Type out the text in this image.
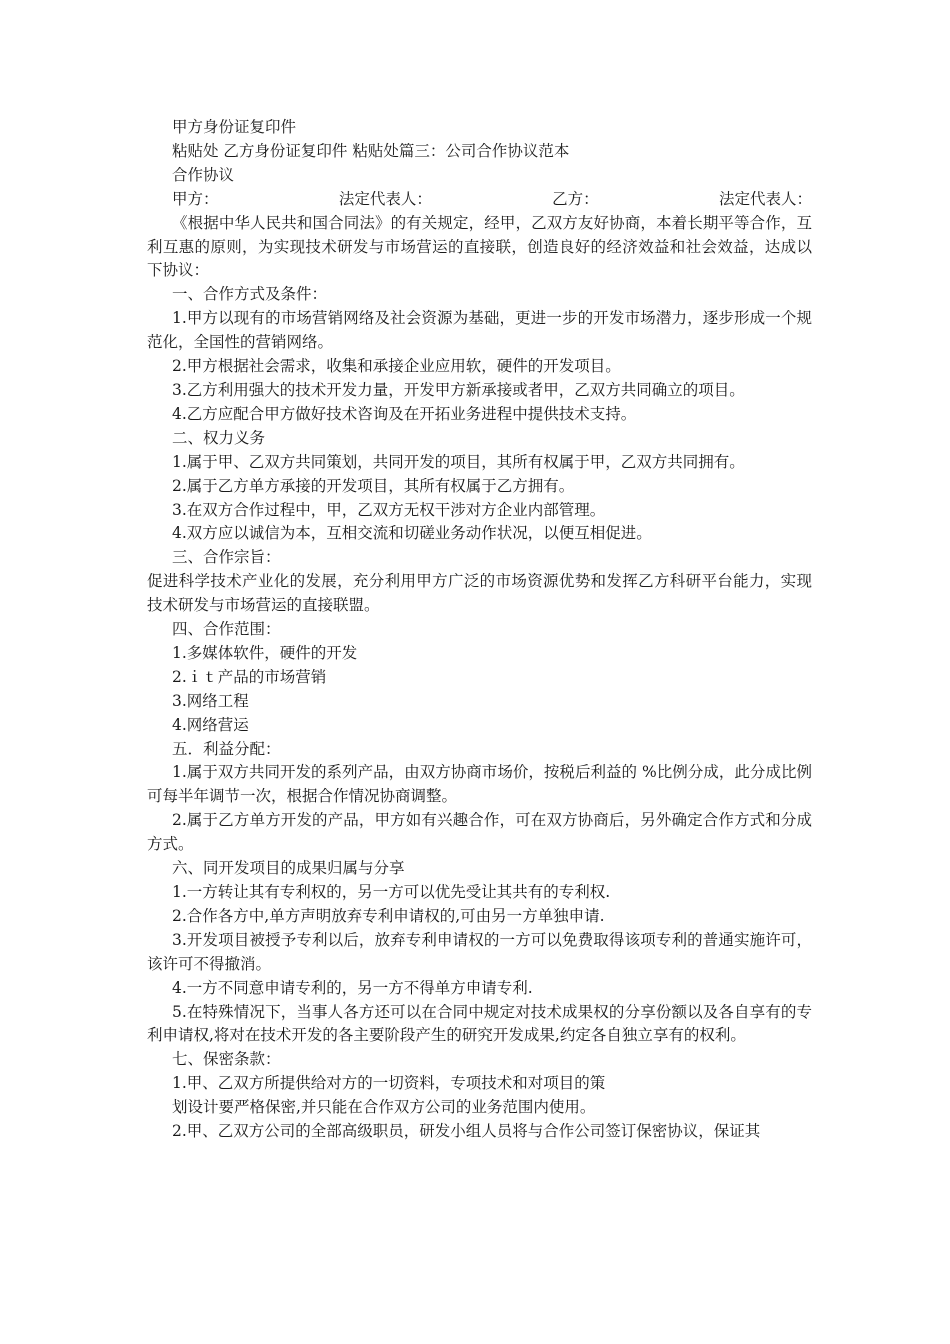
甲方身份证复印件

粘贴处 乙方身份证复印件 粘贴处篇三：公司合作协议范本

合作协议

甲方：	法定代表人：	乙方：	法定代表人：

《根据中华人民共和国合同法》的有关规定，经甲，乙双方友好协商，本着长期平等合作，互利互惠的原则，为实现技术研发与市场营运的直接联，创造良好的经济效益和社会效益，达成以下协议：

一、合作方式及条件：

1.甲方以现有的市场营销网络及社会资源为基础，更进一步的开发市场潜力，逐步形成一个规范化，全国性的营销网络。

2.甲方根据社会需求，收集和承接企业应用软，硬件的开发项目。

3.乙方利用强大的技术开发力量，开发甲方新承接或者甲，乙双方共同确立的项目。

4.乙方应配合甲方做好技术咨询及在开拓业务进程中提供技术支持。

二、权力义务

1.属于甲、乙双方共同策划，共同开发的项目，其所有权属于甲，乙双方共同拥有。

2.属于乙方单方承接的开发项目，其所有权属于乙方拥有。

3.在双方合作过程中，甲，乙双方无权干涉对方企业内部管理。

4.双方应以诚信为本，互相交流和切磋业务动作状况，以便互相促进。

三、合作宗旨：

促进科学技术产业化的发展，充分利用甲方广泛的市场资源优势和发挥乙方科研平台能力，实现技术研发与市场营运的直接联盟。

四、合作范围：

1.多媒体软件，硬件的开发

2.ｉｔ产品的市场营销

3.网络工程

4.网络营运

五．利益分配：

1.属于双方共同开发的系列产品，由双方协商市场价，按税后利益的 %比例分成，此分成比例可每半年调节一次，根据合作情况协商调整。

2.属于乙方单方开发的产品，甲方如有兴趣合作，可在双方协商后，另外确定合作方式和分成方式。

六、同开发项目的成果归属与分享

1.一方转让其有专利权的，另一方可以优先受让其共有的专利权.

2.合作各方中,单方声明放弃专利申请权的,可由另一方单独申请.

3.开发项目被授予专利以后，放弃专利申请权的一方可以免费取得该项专利的普通实施许可，该许可不得撤消。

4.一方不同意申请专利的，另一方不得单方申请专利.

5.在特殊情况下，当事人各方还可以在合同中规定对技术成果权的分享份额以及各自享有的专利申请权,将对在技术开发的各主要阶段产生的研究开发成果,约定各自独立享有的权利。

七、保密条款：

1.甲、乙双方所提供给对方的一切资料，专项技术和对项目的策

划设计要严格保密,并只能在合作双方公司的业务范围内使用。

2.甲、乙双方公司的全部高级职员，研发小组人员将与合作公司签订保密协议，保证其
